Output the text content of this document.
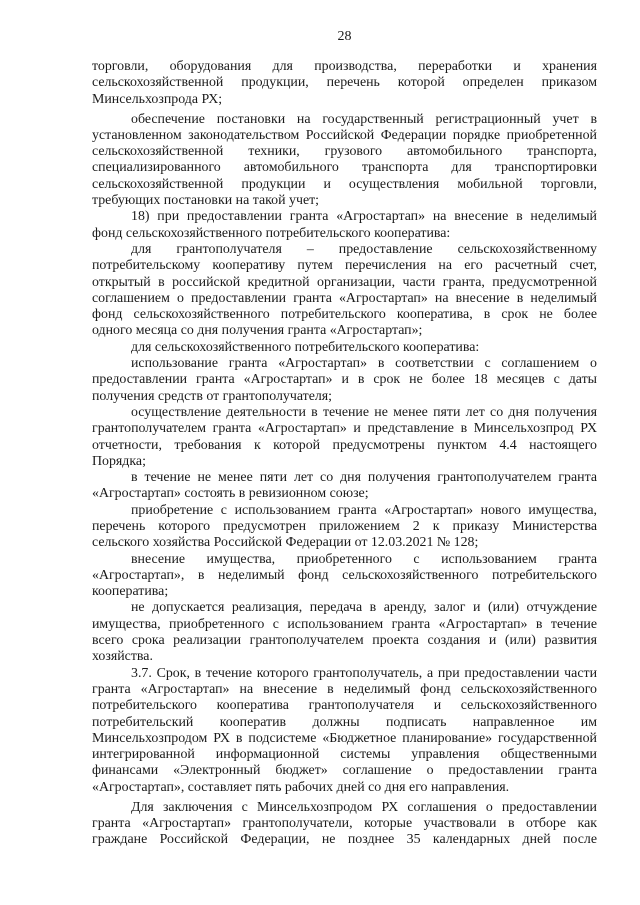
28
торговли, оборудования для производства, переработки и хранения
сельскохозяйственной продукции, перечень которой определен приказом
Минсельхозпрода РХ;
обеспечение постановки на государственный регистрационный учет в
установленном законодательством Российской Федерации порядке приобретенной
сельскохозяйственной техники, грузового автомобильного транспорта,
специализированного автомобильного транспорта для транспортировки
сельскохозяйственной продукции и осуществления мобильной торговли,
требующих постановки на такой учет;
18) при предоставлении гранта «Агростартап» на внесение в неделимый
фонд сельскохозяйственного потребительского кооператива:
для грантополучателя – предоставление сельскохозяйственному
потребительскому кооперативу путем перечисления на его расчетный счет,
открытый в российской кредитной организации, части гранта, предусмотренной
соглашением о предоставлении гранта «Агростартап» на внесение в неделимый
фонд сельскохозяйственного потребительского кооператива, в срок не более
одного месяца со дня получения гранта «Агростартап»;
для сельскохозяйственного потребительского кооператива:
использование гранта «Агростартап» в соответствии с соглашением о
предоставлении гранта «Агростартап» и в срок не более 18 месяцев с даты
получения средств от грантополучателя;
осуществление деятельности в течение не менее пяти лет со дня получения
грантополучателем гранта «Агростартап» и представление в Минсельхозпрод РХ
отчетности, требования к которой предусмотрены пунктом 4.4 настоящего
Порядка;
в течение не менее пяти лет со дня получения грантополучателем гранта
«Агростартап» состоять в ревизионном союзе;
приобретение с использованием гранта «Агростартап» нового имущества,
перечень которого предусмотрен приложением 2 к приказу Министерства
сельского хозяйства Российской Федерации от 12.03.2021 № 128;
внесение имущества, приобретенного с использованием гранта
«Агростартап», в неделимый фонд сельскохозяйственного потребительского
кооператива;
не допускается реализация, передача в аренду, залог и (или) отчуждение
имущества, приобретенного с использованием гранта «Агростартап» в течение
всего срока реализации грантополучателем проекта создания и (или) развития
хозяйства.
3.7. Срок, в течение которого грантополучатель, а при предоставлении части
гранта «Агростартап» на внесение в неделимый фонд сельскохозяйственного
потребительского кооператива грантополучателя и сельскохозяйственного
потребительский кооператив должны подписать направленное им
Минсельхозпродом РХ в подсистеме «Бюджетное планирование» государственной
интегрированной информационной системы управления общественными
финансами «Электронный бюджет» соглашение о предоставлении гранта
«Агростартап», составляет пять рабочих дней со дня его направления.
Для заключения с Минсельхозпродом РХ соглашения о предоставлении
гранта «Агростартап» грантополучатели, которые участвовали в отборе как
граждане Российской Федерации, не позднее 35 календарных дней после
